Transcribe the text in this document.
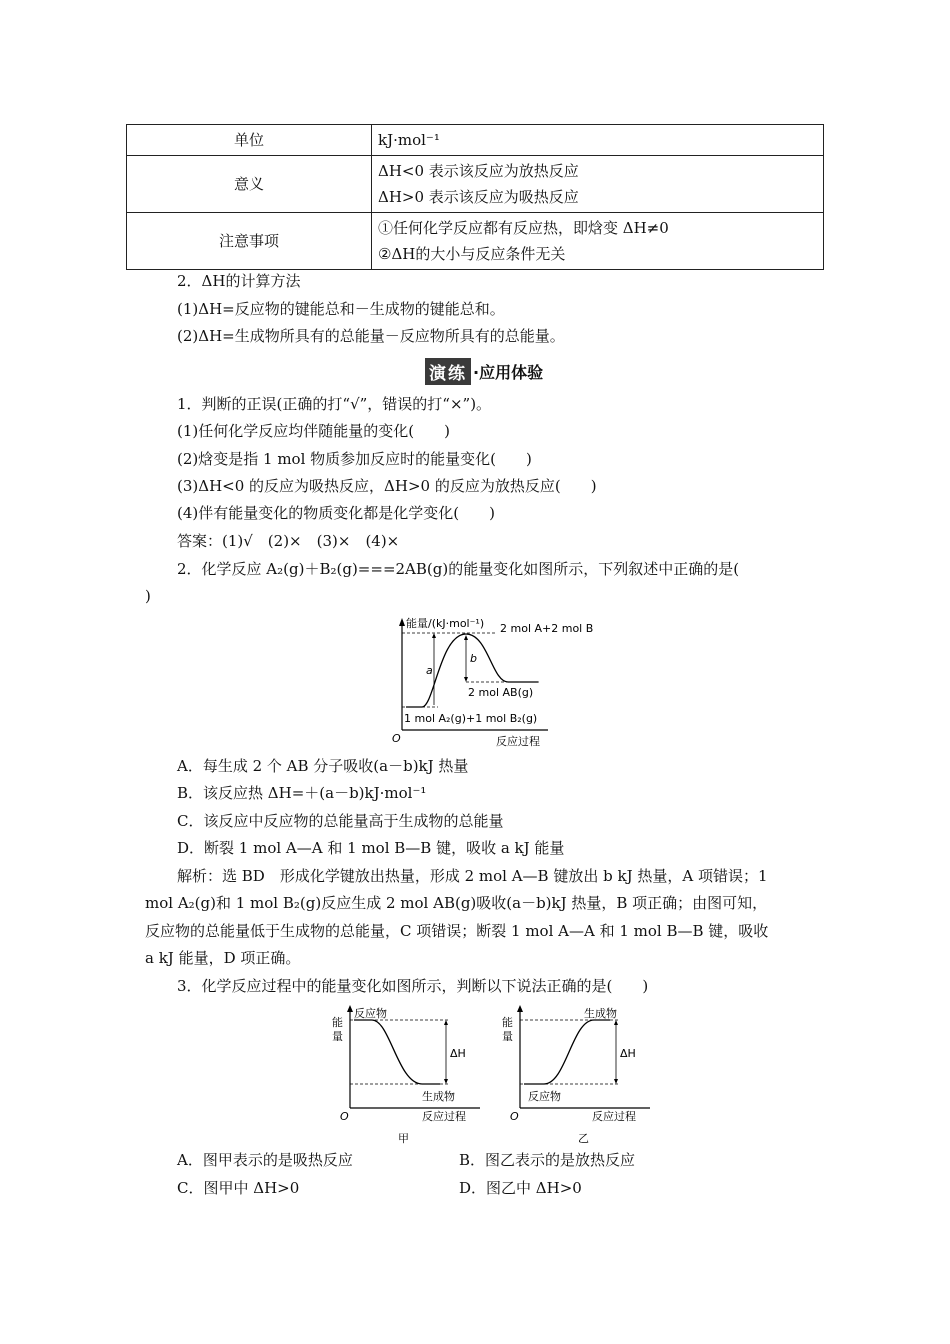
单位	kJ·mol⁻¹

意义	ΔH<0 表示该反应为放热反应
ΔH>0 表示该反应为吸热反应

注意事项	①任何化学反应都有反应热，即焓变 ΔH≠0
②ΔH的大小与反应条件无关
2．ΔH的计算方法
(1)ΔH=反应物的键能总和－生成物的键能总和。
(2)ΔH=生成物所具有的总能量－反应物所具有的总能量。
演练 ·应用体验
1．判断的正误(正确的打“√”，错误的打“×”)。
(1)任何化学反应均伴随能量的变化(　　)
(2)焓变是指 1 mol 物质参加反应时的能量变化(　　)
(3)ΔH<0 的反应为吸热反应，ΔH>0 的反应为放热反应(　　)
(4)伴有能量变化的物质变化都是化学变化(　　)
答案：(1)√　(2)×　(3)×　(4)×
2．化学反应 A₂(g)＋B₂(g)===2AB(g)的能量变化如图所示，下列叙述中正确的是(
)
能量/(kJ·mol⁻¹) 2 mol A+2 mol B
a
b
2 mol AB(g)
1 mol A₂(g)+1 mol B₂(g)
O	反应过程
A．每生成 2 个 AB 分子吸收(a－b)kJ 热量
B．该反应热 ΔH=＋(a－b)kJ·mol⁻¹
C．该反应中反应物的总能量高于生成物的总能量
D．断裂 1 mol A—A 和 1 mol B—B 键，吸收 a kJ 能量
解析：选 BD　形成化学键放出热量，形成 2 mol A—B 键放出 b kJ 热量，A 项错误；1
mol A₂(g)和 1 mol B₂(g)反应生成 2 mol AB(g)吸收(a－b)kJ 热量，B 项正确；由图可知，
反应物的总能量低于生成物的总能量，C 项错误；断裂 1 mol A—A 和 1 mol B—B 键，吸收
a kJ 能量，D 项正确。
3．化学反应过程中的能量变化如图所示，判断以下说法正确的是(　　)
能
量
反应物
ΔH
生成物
O	反应过程
甲
能
量
生成物
ΔH
反应物
O	反应过程
乙
A．图甲表示的是吸热反应	B．图乙表示的是放热反应
C．图甲中 ΔH>0	D．图乙中 ΔH>0
